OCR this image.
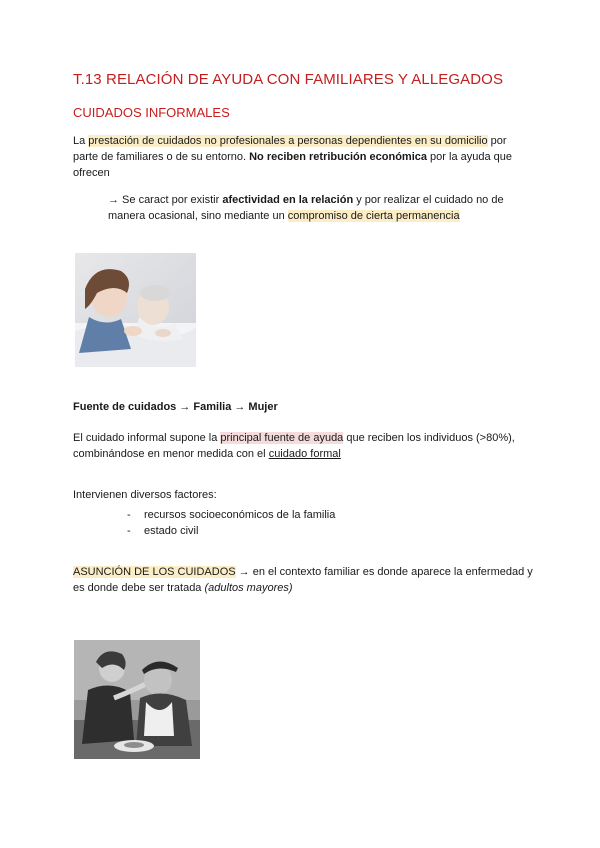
T.13 RELACIÓN DE AYUDA CON FAMILIARES Y ALLEGADOS
CUIDADOS INFORMALES

La prestación de cuidados no profesionales a personas dependientes en su domicilio por parte de familiares o de su entorno. No reciben retribución económica por la ayuda que ofrecen

→ Se caract por existir afectividad en la relación y por realizar el cuidado no de manera ocasional, sino mediante un compromiso de cierta permanencia

Fuente de cuidados → Familia → Mujer

El cuidado informal supone la principal fuente de ayuda que reciben los individuos (>80%), combinándose en menor medida con el cuidado formal

Intervienen diversos factores:

- recursos socioeconómicos de la familia
- estado civil

ASUNCIÓN DE LOS CUIDADOS → en el contexto familiar es donde aparece la enfermedad y es donde debe ser tratada (adultos mayores)
